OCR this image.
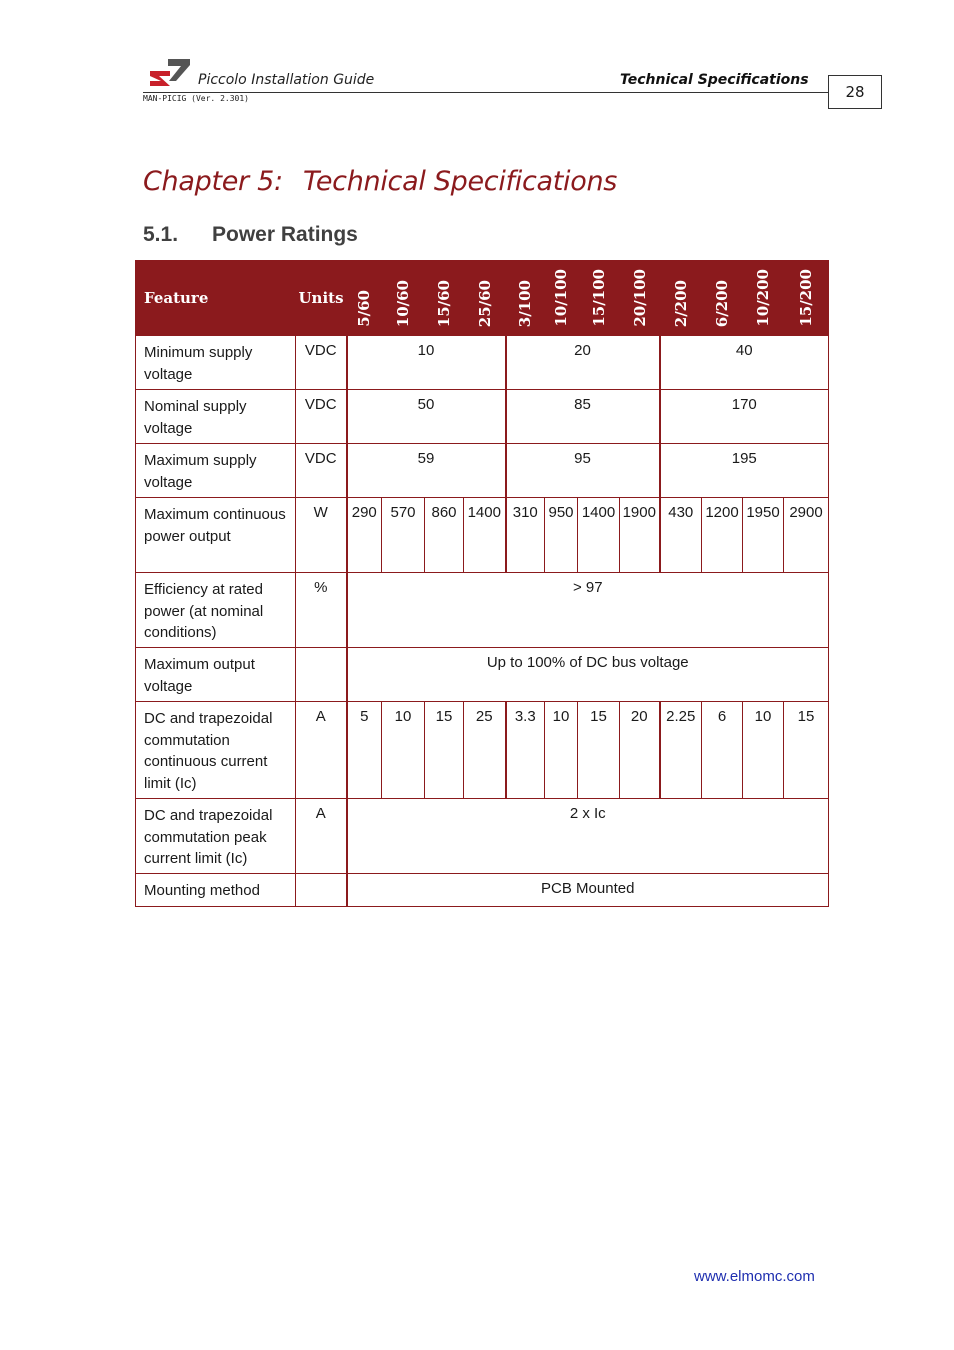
Piccolo Installation Guide	Technical Specifications
MAN-PICIG (Ver. 2.301)	28
Chapter 5: Technical Specifications
5.1. Power Ratings
Feature	Units	5/60	10/60	15/60	25/60	3/100	10/100	15/100	20/100	2/200	6/200	10/200	15/200

Minimum supply voltage	VDC	10				20				40			
Nominal supply voltage	VDC	50				85				170			
Maximum supply voltage	VDC	59				95				195			
Maximum continuous power output	W	290	570	860	1400	310	950	1400	1900	430	1200	1950	2900
Efficiency at rated power (at nominal conditions)	%	> 97											
Maximum output voltage		Up to 100% of DC bus voltage											
DC and trapezoidal commutation continuous current limit (Ic)	A	5	10	15	25	3.3	10	15	20	2.25	6	10	15
DC and trapezoidal commutation peak current limit (Ic)	A	2 x Ic											
Mounting method		PCB Mounted											
www.elmomc.com
